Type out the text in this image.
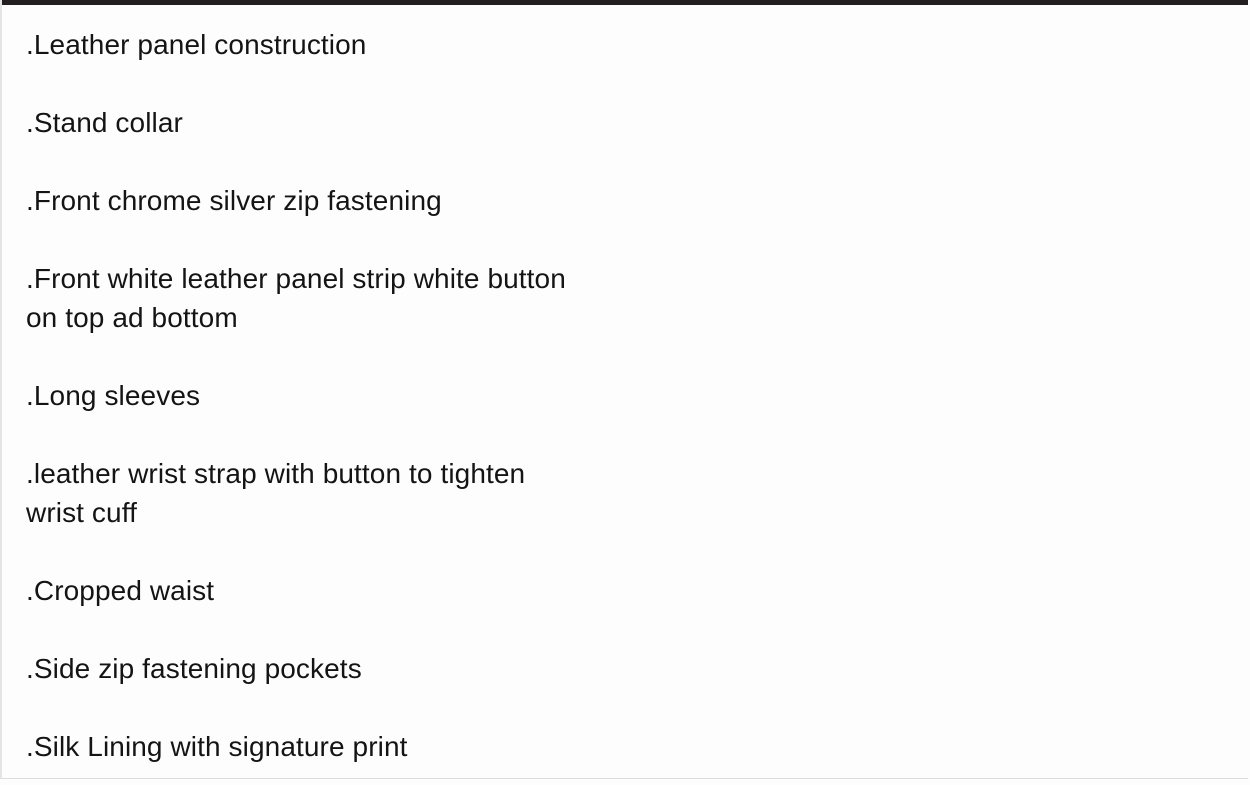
.Leather panel construction

.Stand collar

.Front chrome silver zip fastening

.Front white leather panel strip white button
on top ad bottom

.Long sleeves

.leather wrist strap with button to tighten
wrist cuff

.Cropped waist

.Side zip fastening pockets

.Silk Lining with signature print
